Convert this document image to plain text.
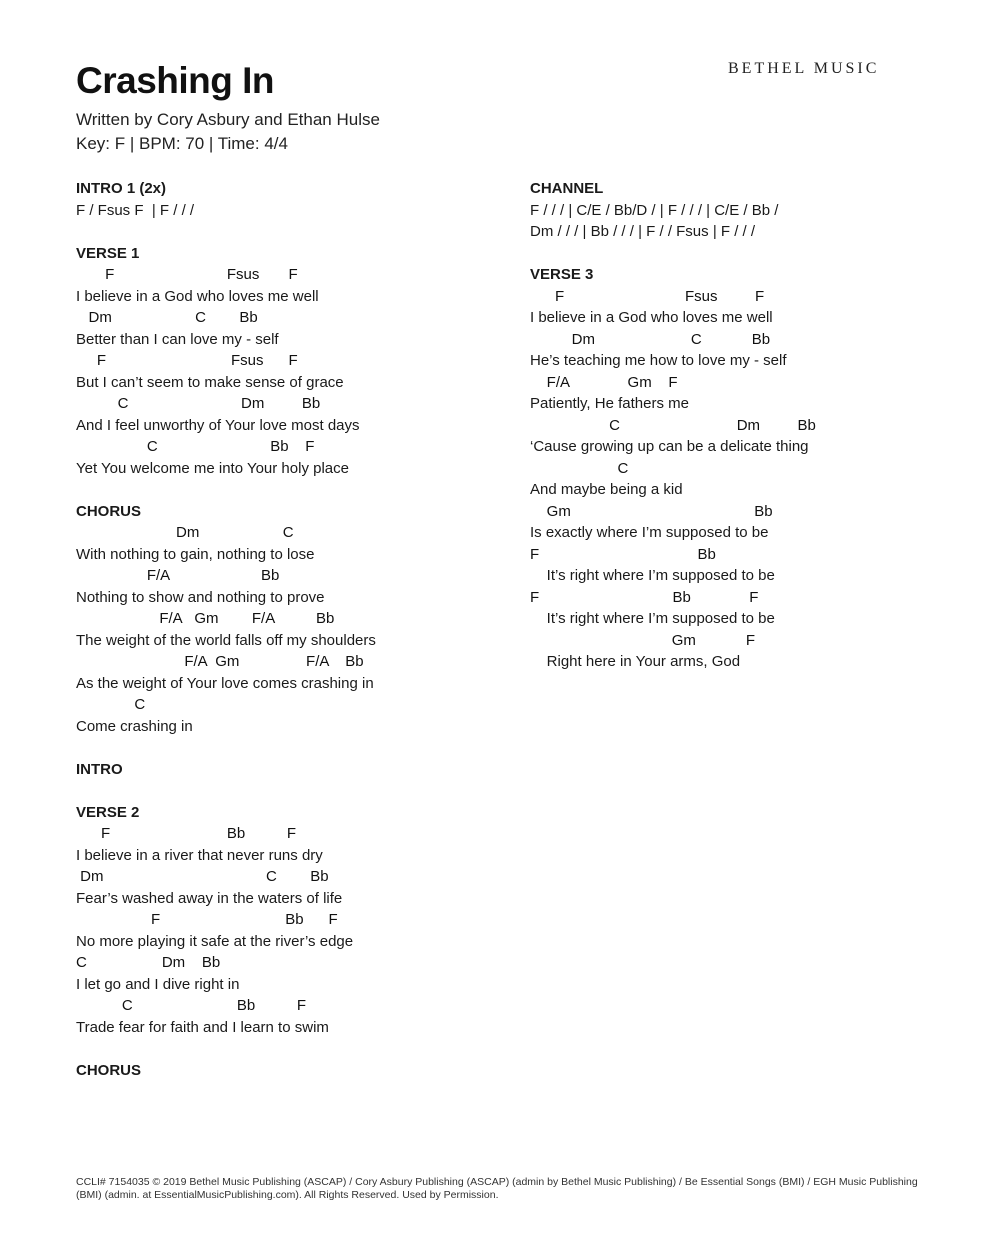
BETHEL MUSIC
Crashing In
Written by Cory Asbury and Ethan Hulse
Key: F | BPM: 70 | Time: 4/4
INTRO 1 (2x)
F / Fsus F  | F / / /
VERSE 1
F                           Fsus       F
I believe in a God who loves me well
Dm                    C        Bb
Better than I can love my - self
F                              Fsus      F
But I can’t seem to make sense of grace
C                           Dm         Bb
And I feel unworthy of Your love most days
C                           Bb    F
Yet You welcome me into Your holy place
CHORUS
Dm                    C
With nothing to gain, nothing to lose
F/A                      Bb
Nothing to show and nothing to prove
F/A   Gm        F/A          Bb
The weight of the world falls off my shoulders
F/A  Gm                F/A    Bb
As the weight of Your love comes crashing in
C
Come crashing in
INTRO
VERSE 2
F                            Bb          F
I believe in a river that never runs dry
Dm                                       C        Bb
Fear’s washed away in the waters of life
F                              Bb      F
No more playing it safe at the river’s edge
C                  Dm    Bb
I let go and I dive right in
C                         Bb          F
Trade fear for faith and I learn to swim
CHORUS
CHANNEL
F / / / | C/E / Bb/D / | F / / / | C/E / Bb /
Dm / / / | Bb / / / | F / / Fsus | F / / /
VERSE 3
F                             Fsus         F
I believe in a God who loves me well
Dm                       C            Bb
He’s teaching me how to love my - self
F/A              Gm    F
Patiently, He fathers me
C                            Dm         Bb
‘Cause growing up can be a delicate thing
C
And maybe being a kid
Gm                                            Bb
Is exactly where I’m supposed to be
F                                      Bb
It’s right where I’m supposed to be
F                                Bb              F
It’s right where I’m supposed to be
Gm            F
Right here in Your arms, God
CCLI# 7154035 © 2019 Bethel Music Publishing (ASCAP) / Cory Asbury Publishing (ASCAP) (admin by Bethel Music Publishing) / Be Essential Songs (BMI) / EGH Music Publishing (BMI) (admin. at EssentialMusicPublishing.com). All Rights Reserved. Used by Permission.
